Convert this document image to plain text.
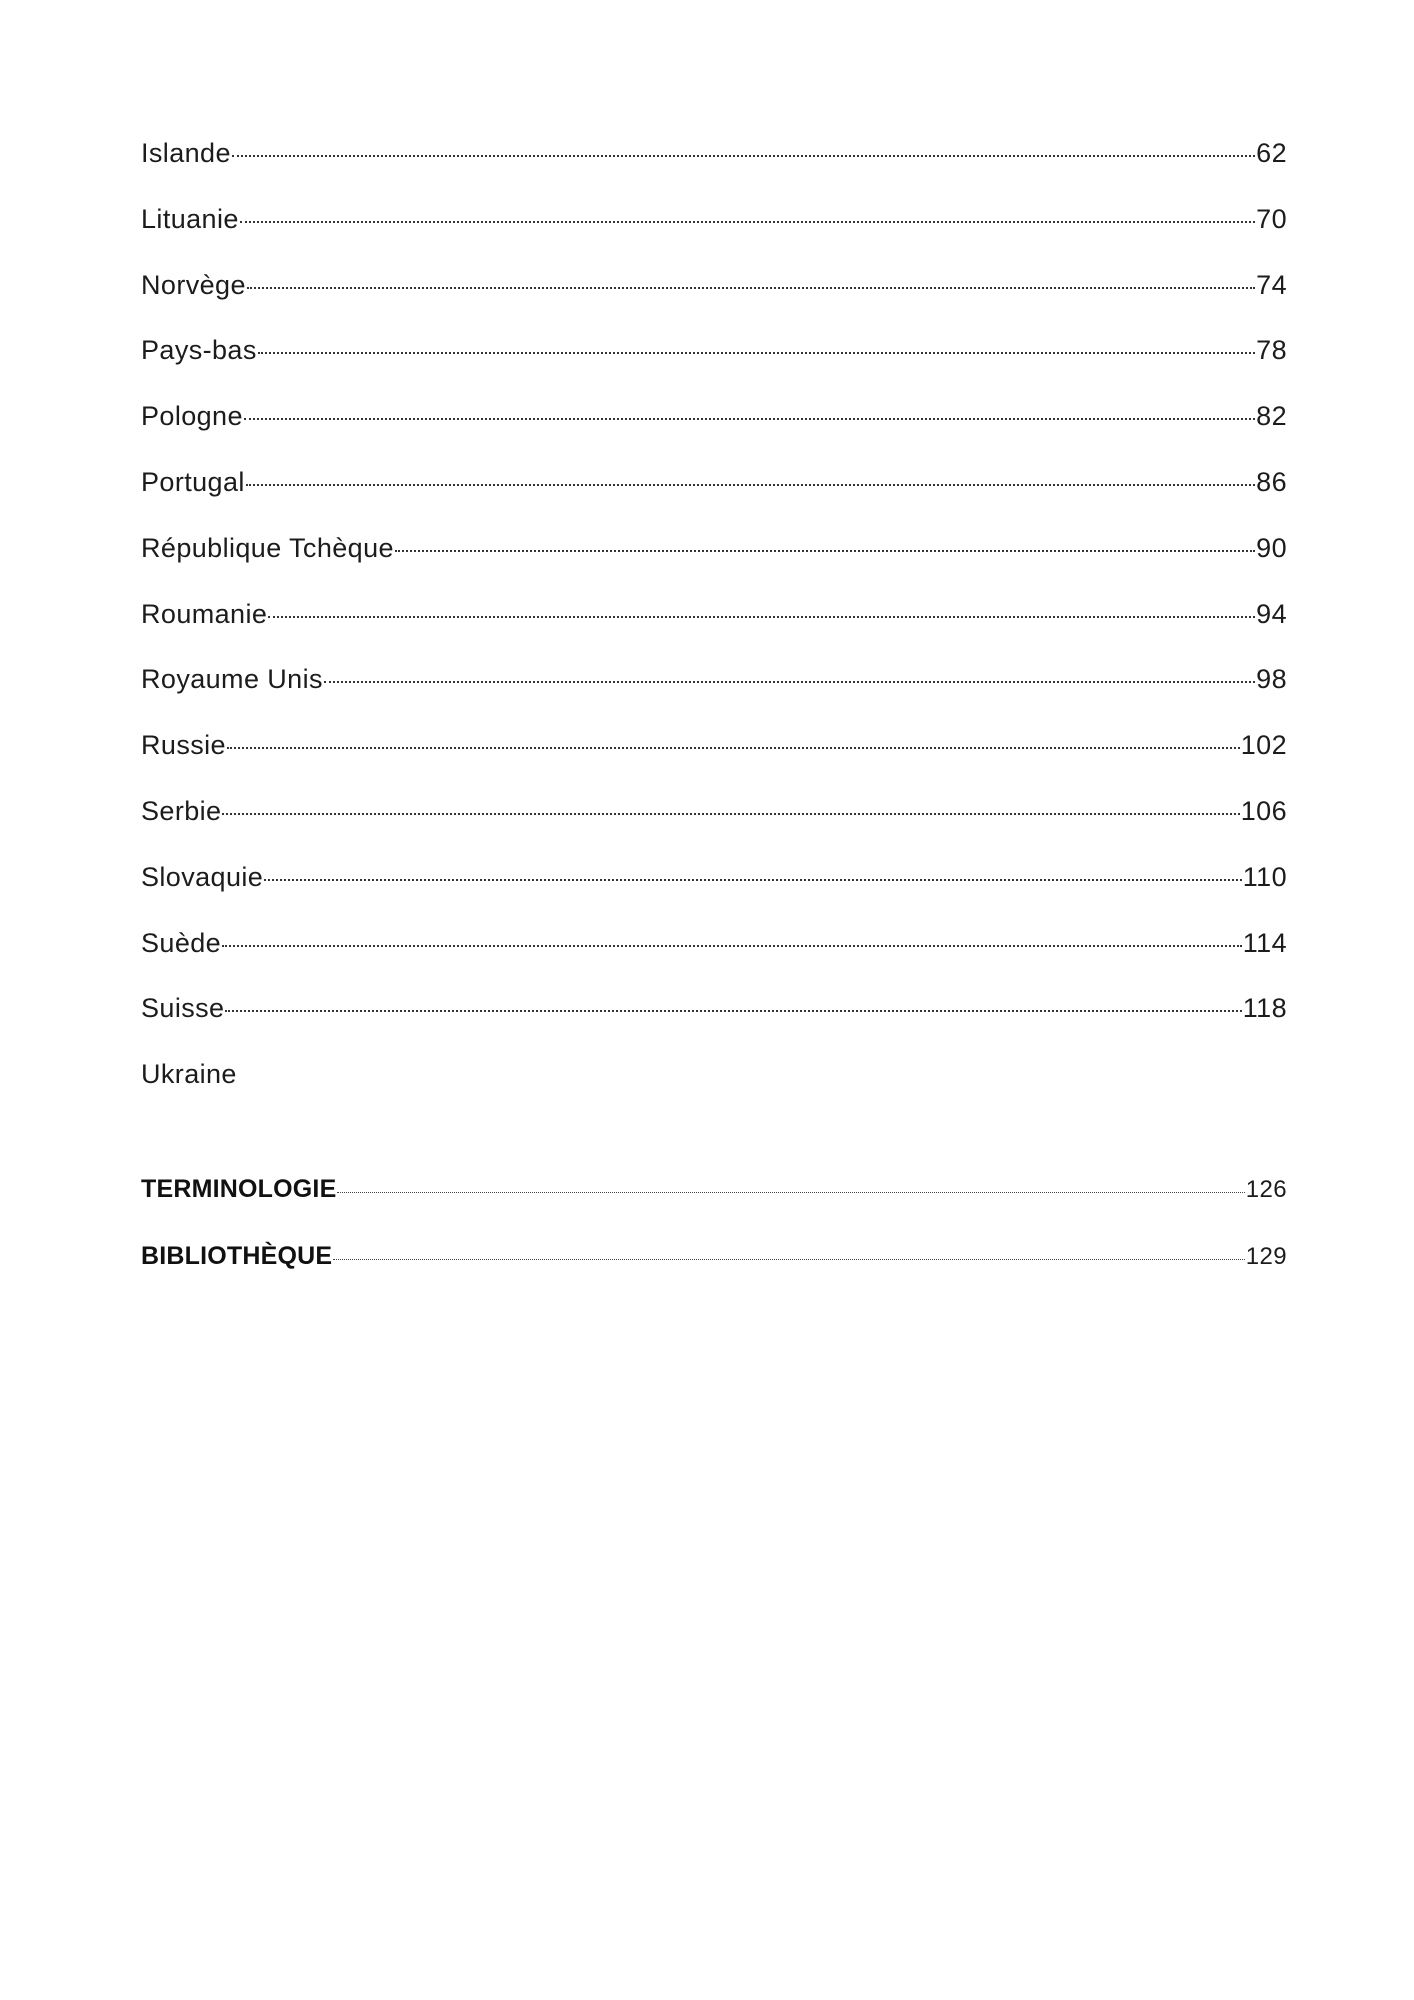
Islande	62
Lituanie	70
Norvège	74
Pays-bas	78
Pologne	82
Portugal	86
République Tchèque	90
Roumanie	94
Royaume Unis	98
Russie	102
Serbie	106
Slovaquie	110
Suède	114
Suisse	118
Ukraine
TERMINOLOGIE	126
BIBLIOTHÈQUE	129
